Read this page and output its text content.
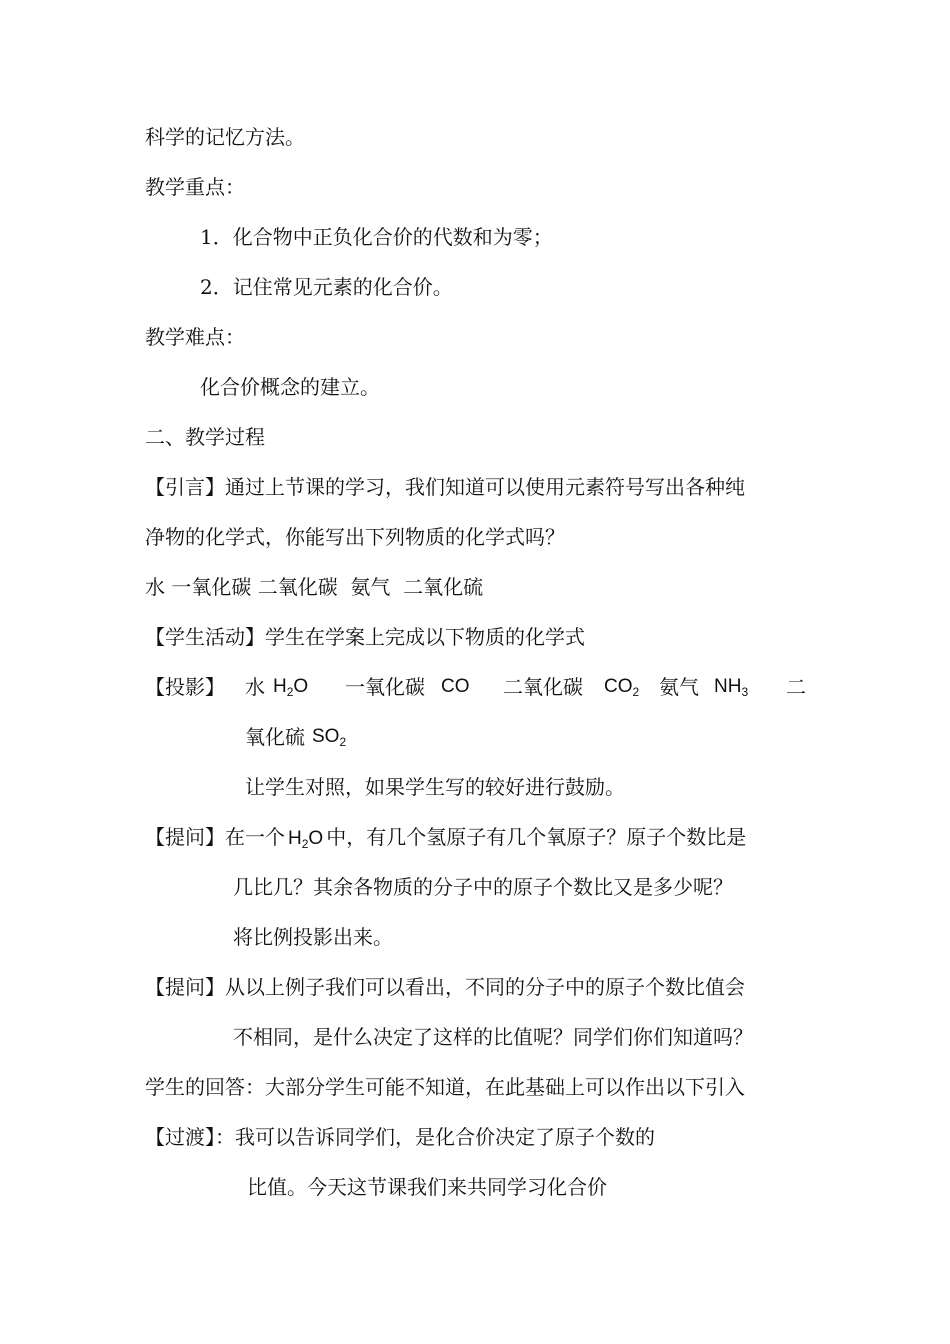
科学的记忆方法。
教学重点：
1．化合物中正负化合价的代数和为零；
2．记住常见元素的化合价。
教学难点：
化合价概念的建立。
二、教学过程
【引言】通过上节课的学习，我们知道可以使用元素符号写出各种纯
净物的化学式，你能写出下列物质的化学式吗？
水 一氧化碳 二氧化碳  氨气  二氧化硫
【学生活动】学生在学案上完成以下物质的化学式
【投影】 水 $H_2O$ 一氧化碳 CO 二氧化碳 $CO_2$ 氨气 $NH_3$ 二
氧化硫 $SO_2$
让学生对照，如果学生写的较好进行鼓励。
【提问】在一个 $H_2O$ 中，有几个氢原子有几个氧原子？原子个数比是
几比几？其余各物质的分子中的原子个数比又是多少呢？
将比例投影出来。
【提问】从以上例子我们可以看出，不同的分子中的原子个数比值会
不相同，是什么决定了这样的比值呢？同学们你们知道吗？
学生的回答：大部分学生可能不知道，在此基础上可以作出以下引入
【过渡】：我可以告诉同学们，是化合价决定了原子个数的
比值。今天这节课我们来共同学习化合价
